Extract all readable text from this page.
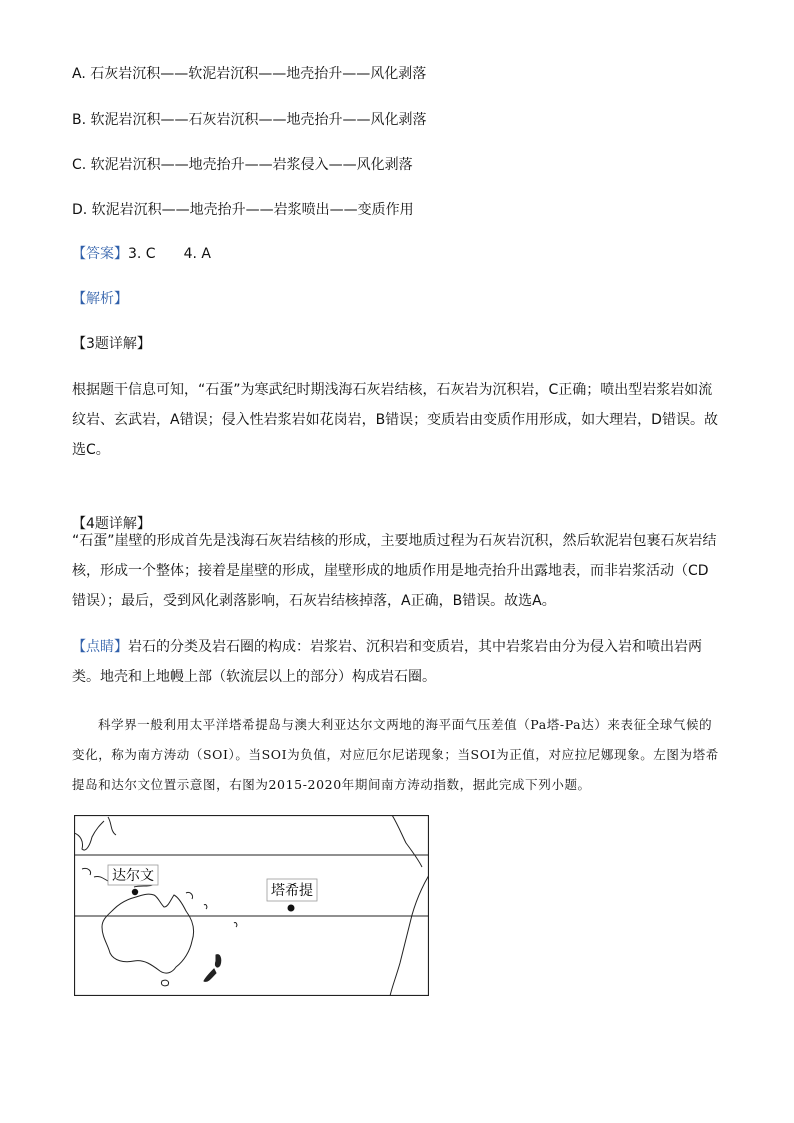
A. 石灰岩沉积——软泥岩沉积——地壳抬升——风化剥落
B. 软泥岩沉积——石灰岩沉积——地壳抬升——风化剥落
C. 软泥岩沉积——地壳抬升——岩浆侵入——风化剥落
D. 软泥岩沉积——地壳抬升——岩浆喷出——变质作用
【答案】3. C 4. A
【解析】
【3题详解】
根据题干信息可知，“石蛋”为寒武纪时期浅海石灰岩结核，石灰岩为沉积岩，C正确；喷出型岩浆岩如流纹岩、玄武岩，A错误；侵入性岩浆岩如花岗岩，B错误；变质岩由变质作用形成，如大理岩，D错误。故选C。
【4题详解】
“石蛋”崖壁的形成首先是浅海石灰岩结核的形成，主要地质过程为石灰岩沉积，然后软泥岩包裹石灰岩结核，形成一个整体；接着是崖壁的形成，崖壁形成的地质作用是地壳抬升出露地表，而非岩浆活动（CD错误）；最后，受到风化剥落影响，石灰岩结核掉落，A正确，B错误。故选A。
【点睛】岩石的分类及岩石圈的构成：岩浆岩、沉积岩和变质岩，其中岩浆岩由分为侵入岩和喷出岩两类。地壳和上地幔上部（软流层以上的部分）构成岩石圈。
科学界一般利用太平洋塔希提岛与澳大利亚达尔文两地的海平面气压差值（Pa塔-Pa达）来表征全球气候的变化，称为南方涛动（SOI）。当SOI为负值，对应厄尔尼诺现象；当SOI为正值，对应拉尼娜现象。左图为塔希提岛和达尔文位置示意图，右图为2015-2020年期间南方涛动指数，据此完成下列小题。
达尔文
塔希提
